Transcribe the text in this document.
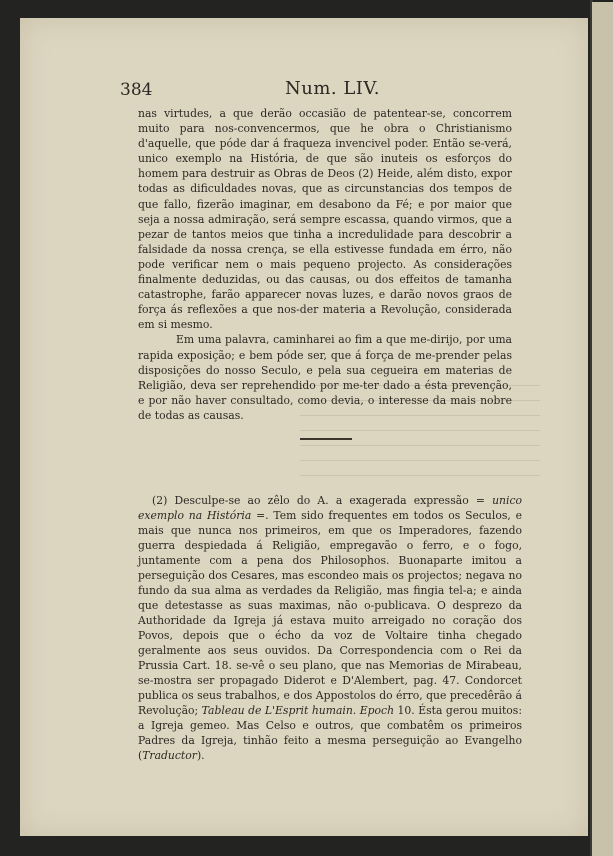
384	Num. LIV.

nas virtudes, a que derão occasião de patentear-se, concorrem muito para nos-convencermos, que he obra o Christianismo d'aquelle, que póde dar á fraqueza invencivel poder. Então se-verá, unico exemplo na História, de que são inuteis os esforços do homem para destruir as Obras de Deos (2) Heide, além disto, expor todas as dificuldades novas, que as circunstancias dos tempos de que fallo, fizerão imaginar, em desabono da Fé; e por maior que seja a nossa admiração, será sempre escassa, quando virmos, que a pezar de tantos meios que tinha a incredulidade para descobrir a falsidade da nossa crença, se ella estivesse fundada em érro, não pode verificar nem o mais pequeno projecto. As considerações finalmente deduzidas, ou das causas, ou dos effeitos de tamanha catastrophe, farão apparecer novas luzes, e darão novos graos de força ás reflexões a que nos-der materia a Revolução, considerada em si mesmo.

Em uma palavra, caminharei ao fim a que me-dirijo, por uma rapida exposição; e bem póde ser, que á força de me-prender pelas disposições do nosso Seculo, e pela sua cegueira em materias de Religião, deva ser reprehendido por me-ter dado a ésta prevenção, e por não haver consultado, como devia, o interesse da mais nobre de todas as causas.

(2) Desculpe-se ao zêlo do A. a exagerada expressão = unico exemplo na História =. Tem sido frequentes em todos os Seculos, e mais que nunca nos primeiros, em que os Imperadores, fazendo guerra despiedada á Religião, empregavão o ferro, e o fogo, juntamente com a pena dos Philosophos. Buonaparte imitou a perseguição dos Cesares, mas escondeo mais os projectos; negava no fundo da sua alma as verdades da Religião, mas fingia tel-a; e ainda que detestasse as suas maximas, não o-publicava. O desprezo da Authoridade da Igreja já estava muito arreigado no coração dos Povos, depois que o écho da voz de Voltaire tinha chegado geralmente aos seus ouvidos. Da Correspondencia com o Rei da Prussia Cart. 18. se-vê o seu plano, que nas Memorias de Mirabeau, se-mostra ser propagado Diderot e D'Alembert, pag. 47. Condorcet publica os seus trabalhos, e dos Appostolos do érro, que precedêrão á Revolução; Tableau de L'Esprit humain. Epoch 10. Ésta gerou muitos: a Igreja gemeo. Mas Celso e outros, que combatêm os primeiros Padres da Igreja, tinhão feito a mesma perseguição ao Evangelho (Traductor).
